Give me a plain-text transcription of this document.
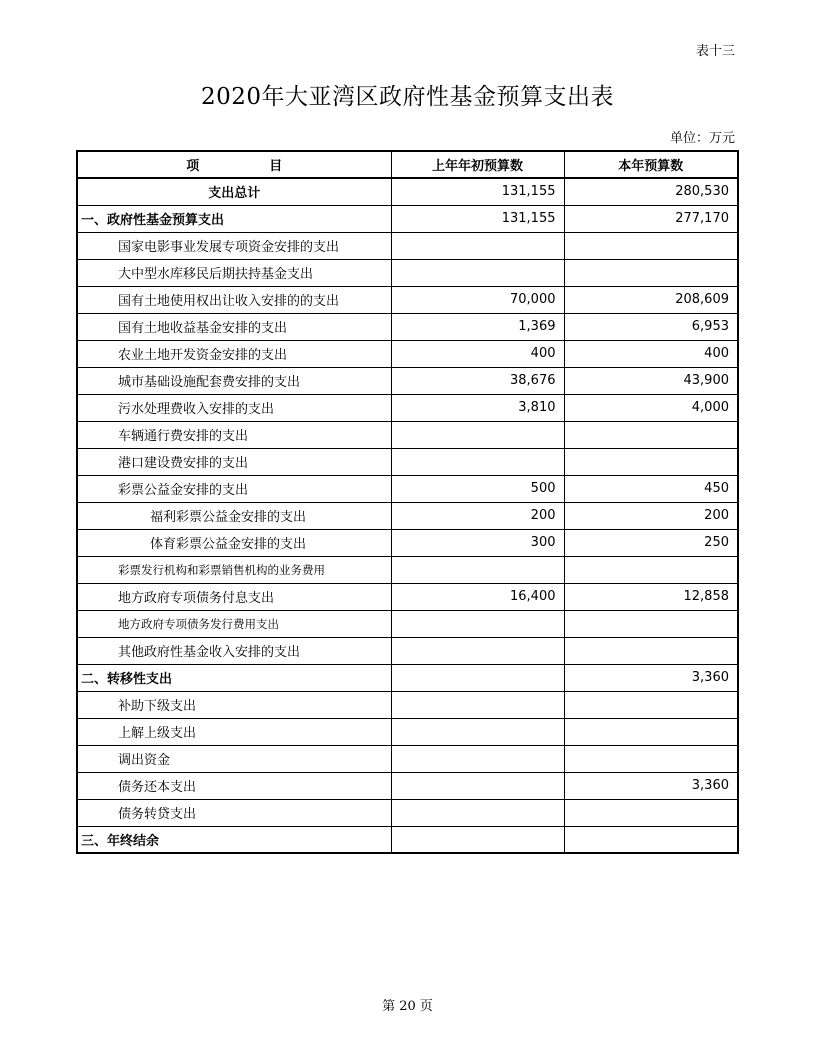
表十三
2020年大亚湾区政府性基金预算支出表
单位：万元
项 目	上年年初预算数	本年预算数
支出总计	131,155	280,530
一、政府性基金预算支出	131,155	277,170
国家电影事业发展专项资金安排的支出		
大中型水库移民后期扶持基金支出		
国有土地使用权出让收入安排的的支出	70,000	208,609
国有土地收益基金安排的支出	1,369	6,953
农业土地开发资金安排的支出	400	400
城市基础设施配套费安排的支出	38,676	43,900
污水处理费收入安排的支出	3,810	4,000
车辆通行费安排的支出		
港口建设费安排的支出		
彩票公益金安排的支出	500	450
福利彩票公益金安排的支出	200	200
体育彩票公益金安排的支出	300	250
彩票发行机构和彩票销售机构的业务费用		
地方政府专项债务付息支出	16,400	12,858
地方政府专项债务发行费用支出		
其他政府性基金收入安排的支出		
二、转移性支出		3,360
补助下级支出		
上解上级支出		
调出资金		
债务还本支出		3,360
债务转贷支出		
三、年终结余		
第 20 页
